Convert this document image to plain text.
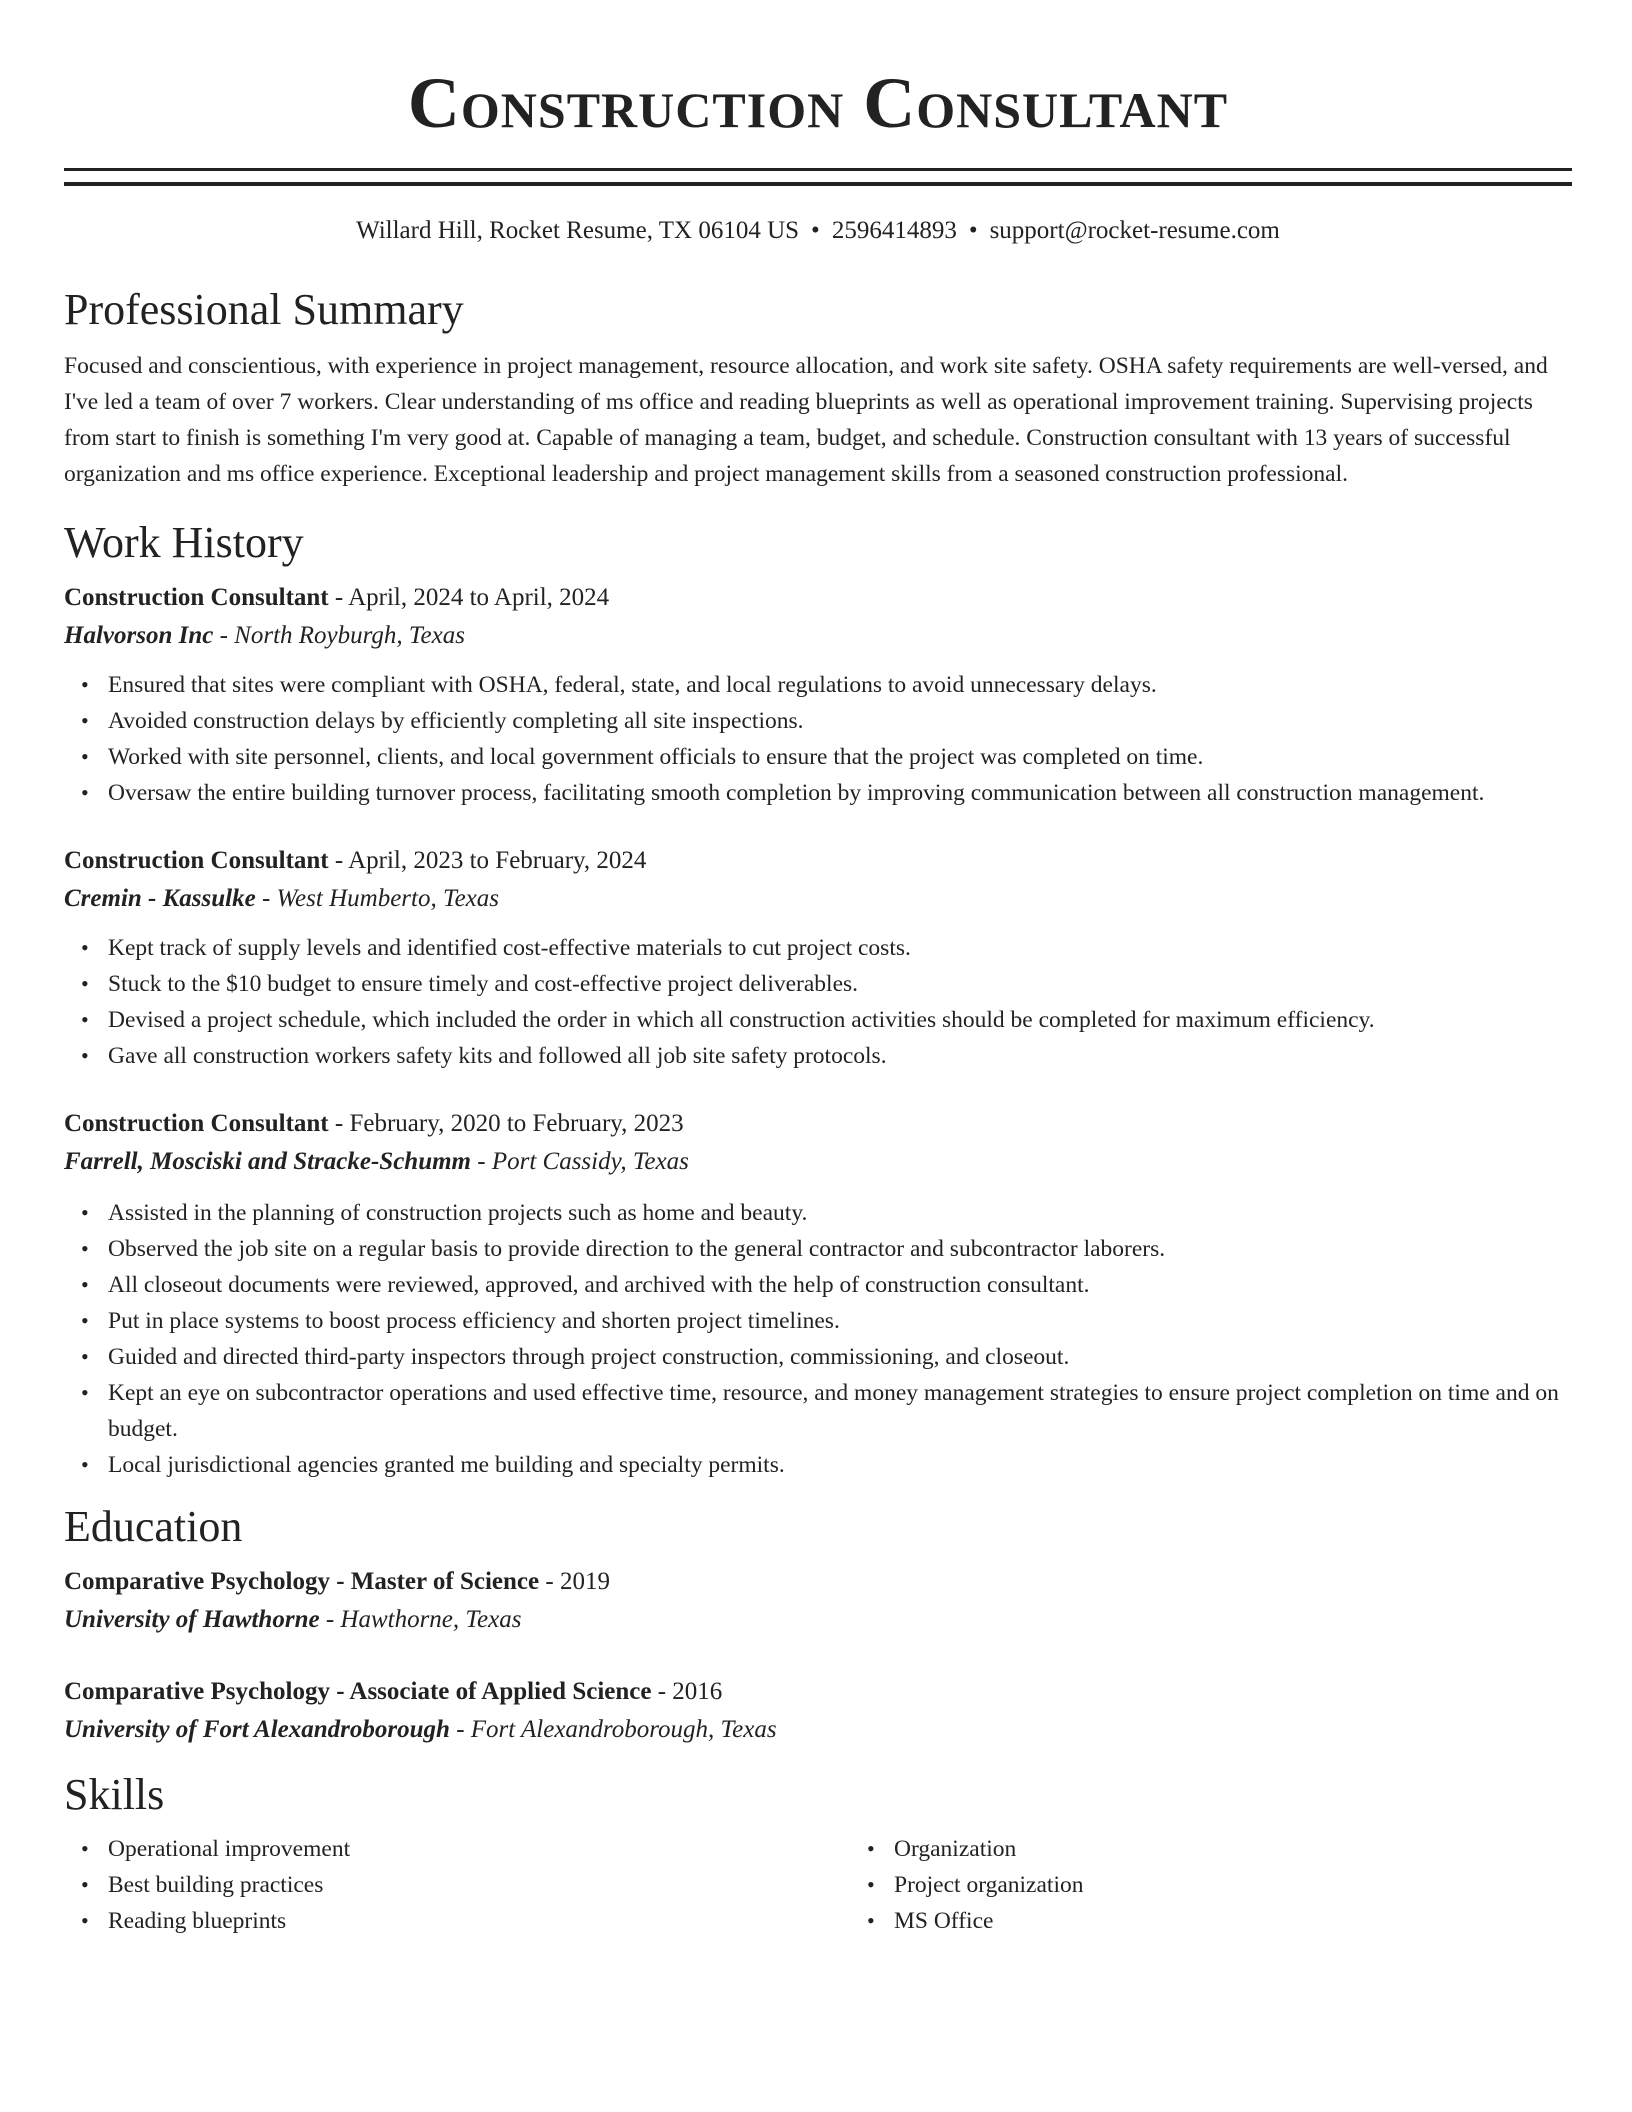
Construction Consultant
Willard Hill, Rocket Resume, TX 06104 US • 2596414893 • support@rocket-resume.com
Professional Summary
Focused and conscientious, with experience in project management, resource allocation, and work site safety. OSHA safety requirements are well-versed, and I've led a team of over 7 workers. Clear understanding of ms office and reading blueprints as well as operational improvement training. Supervising projects from start to finish is something I'm very good at. Capable of managing a team, budget, and schedule. Construction consultant with 13 years of successful organization and ms office experience. Exceptional leadership and project management skills from a seasoned construction professional.
Work History
Construction Consultant - April, 2024 to April, 2024
Halvorson Inc - North Royburgh, Texas
• Ensured that sites were compliant with OSHA, federal, state, and local regulations to avoid unnecessary delays.
• Avoided construction delays by efficiently completing all site inspections.
• Worked with site personnel, clients, and local government officials to ensure that the project was completed on time.
• Oversaw the entire building turnover process, facilitating smooth completion by improving communication between all construction management.
Construction Consultant - April, 2023 to February, 2024
Cremin - Kassulke - West Humberto, Texas
• Kept track of supply levels and identified cost-effective materials to cut project costs.
• Stuck to the $10 budget to ensure timely and cost-effective project deliverables.
• Devised a project schedule, which included the order in which all construction activities should be completed for maximum efficiency.
• Gave all construction workers safety kits and followed all job site safety protocols.
Construction Consultant - February, 2020 to February, 2023
Farrell, Mosciski and Stracke-Schumm - Port Cassidy, Texas
• Assisted in the planning of construction projects such as home and beauty.
• Observed the job site on a regular basis to provide direction to the general contractor and subcontractor laborers.
• All closeout documents were reviewed, approved, and archived with the help of construction consultant.
• Put in place systems to boost process efficiency and shorten project timelines.
• Guided and directed third-party inspectors through project construction, commissioning, and closeout.
• Kept an eye on subcontractor operations and used effective time, resource, and money management strategies to ensure project completion on time and on budget.
• Local jurisdictional agencies granted me building and specialty permits.
Education
Comparative Psychology - Master of Science - 2019
University of Hawthorne - Hawthorne, Texas
Comparative Psychology - Associate of Applied Science - 2016
University of Fort Alexandroborough - Fort Alexandroborough, Texas
Skills
• Operational improvement
• Best building practices
• Reading blueprints
• Organization
• Project organization
• MS Office
